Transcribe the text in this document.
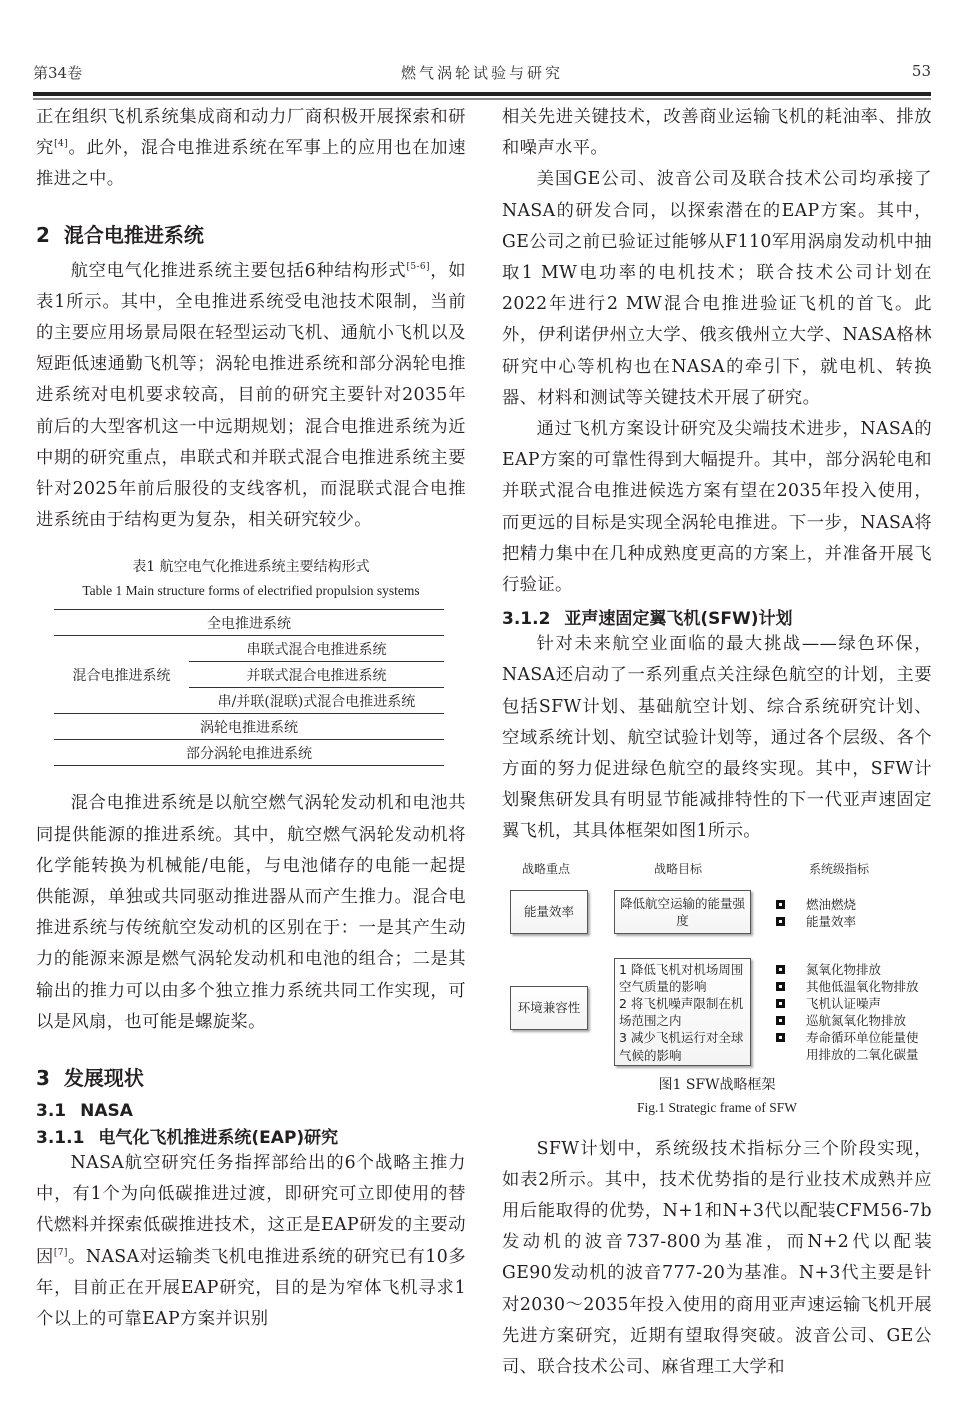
第34卷	燃气涡轮试验与研究	53

正在组织飞机系统集成商和动力厂商积极开展探索和研究[4]。此外，混合电推进系统在军事上的应用也在加速推进之中。

2 混合电推进系统

航空电气化推进系统主要包括6种结构形式[5-6]，如表1所示。其中，全电推进系统受电池技术限制，当前的主要应用场景局限在轻型运动飞机、通航小飞机以及短距低速通勤飞机等；涡轮电推进系统和部分涡轮电推进系统对电机要求较高，目前的研究主要针对2035年前后的大型客机这一中远期规划；混合电推进系统为近中期的研究重点，串联式和并联式混合电推进系统主要针对2025年前后服役的支线客机，而混联式混合电推进系统由于结构更为复杂，相关研究较少。

表1 航空电气化推进系统主要结构形式

Table 1 Main structure forms of electrified propulsion systems

全电推进系统
混合电推进系统	串联式混合电推进系统
并联式混合电推进系统
串/并联(混联)式混合电推进系统
涡轮电推进系统
部分涡轮电推进系统

混合电推进系统是以航空燃气涡轮发动机和电池共同提供能源的推进系统。其中，航空燃气涡轮发动机将化学能转换为机械能/电能，与电池储存的电能一起提供能源，单独或共同驱动推进器从而产生推力。混合电推进系统与传统航空发动机的区别在于：一是其产生动力的能源来源是燃气涡轮发动机和电池的组合；二是其输出的推力可以由多个独立推力系统共同工作实现，可以是风扇，也可能是螺旋桨。

3 发展现状
3.1 NASA
3.1.1 电气化飞机推进系统(EAP)研究

NASA航空研究任务指挥部给出的6个战略主推力中，有1个为向低碳推进过渡，即研究可立即使用的替代燃料并探索低碳推进技术，这正是EAP研发的主要动因[7]。NASA对运输类飞机电推进系统的研究已有10多年，目前正在开展EAP研究，目的是为窄体飞机寻求1个以上的可靠EAP方案并识别

相关先进关键技术，改善商业运输飞机的耗油率、排放和噪声水平。

美国GE公司、波音公司及联合技术公司均承接了NASA的研发合同，以探索潜在的EAP方案。其中，GE公司之前已验证过能够从F110军用涡扇发动机中抽取1 MW电功率的电机技术；联合技术公司计划在2022年进行2 MW混合电推进验证飞机的首飞。此外，伊利诺伊州立大学、俄亥俄州立大学、NASA格林研究中心等机构也在NASA的牵引下，就电机、转换器、材料和测试等关键技术开展了研究。

通过飞机方案设计研究及尖端技术进步，NASA的EAP方案的可靠性得到大幅提升。其中，部分涡轮电和并联式混合电推进候选方案有望在2035年投入使用，而更远的目标是实现全涡轮电推进。下一步，NASA将把精力集中在几种成熟度更高的方案上，并准备开展飞行验证。

3.1.2 亚声速固定翼飞机(SFW)计划

针对未来航空业面临的最大挑战——绿色环保，NASA还启动了一系列重点关注绿色航空的计划，主要包括SFW计划、基础航空计划、综合系统研究计划、空域系统计划、航空试验计划等，通过各个层级、各个方面的努力促进绿色航空的最终实现。其中，SFW计划聚焦研发具有明显节能减排特性的下一代亚声速固定翼飞机，其具体框架如图1所示。

战略重点	战略目标	系统级指标
能量效率
降低航空运输的能量强度
燃油燃烧
能量效率
环境兼容性
1 降低飞机对机场周围空气质量的影响
2 将飞机噪声限制在机场范围之内
3 减少飞机运行对全球气候的影响
氮氧化物排放
其他低温氧化物排放
飞机认证噪声
巡航氮氧化物排放
寿命循环单位能量使用排放的二氧化碳量

图1 SFW战略框架

Fig.1 Strategic frame of SFW

SFW计划中，系统级技术指标分三个阶段实现，如表2所示。其中，技术优势指的是行业技术成熟并应用后能取得的优势，N+1和N+3代以配装CFM56-7b发动机的波音737-800为基准，而N+2代以配装GE90发动机的波音777-20为基准。N+3代主要是针对2030～2035年投入使用的商用亚声速运输飞机开展先进方案研究，近期有望取得突破。波音公司、GE公司、联合技术公司、麻省理工大学和
